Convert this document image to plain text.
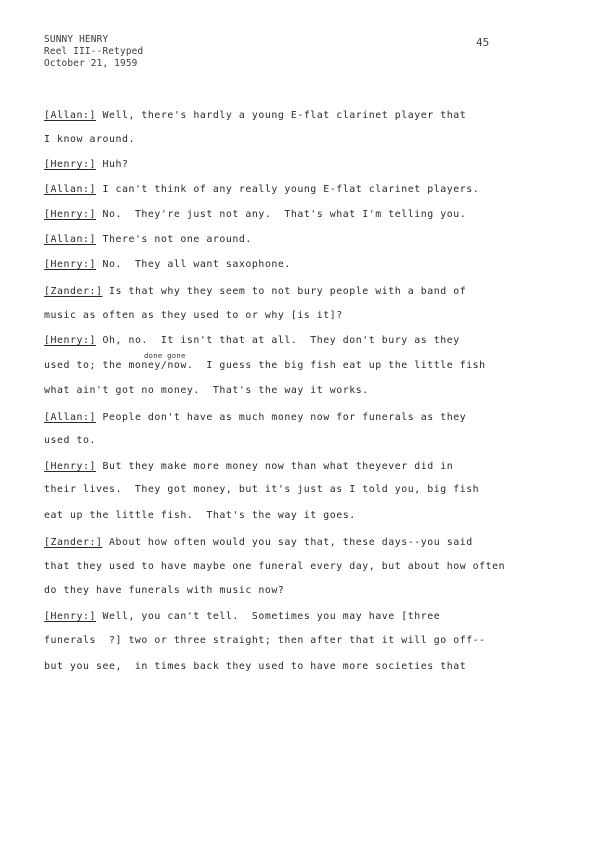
SUNNY HENRY
Reel III--Retyped
October 21, 1959
45
[Allan:] Well, there's hardly a young E-flat clarinet player that
I know around.
[Henry:] Huh?
[Allan:] I can't think of any really young E-flat clarinet players.
[Henry:] No.  They're just not any.  That's what I'm telling you.
[Allan:] There's not one around.
[Henry:] No.  They all want saxophone.
[Zander:] Is that why they seem to not bury people with a band of
music as often as they used to or why [is it]?
[Henry:] Oh, no.  It isn't that at all.  They don't bury as they
used to; the money/now.  I guess the big fish eat up the little fish
what ain't got no money.  That's the way it works.
[Allan:] People don't have as much money now for funerals as they
used to.
[Henry:] But they make more money now than what theyever did in
their lives.  They got money, but it's just as I told you, big fish
eat up the little fish.  That's the way it goes.
[Zander:] About how often would you say that, these days--you said
that they used to have maybe one funeral every day, but about how often
do they have funerals with music now?
[Henry:] Well, you can't tell.  Sometimes you may have [three
funerals  ?] two or three straight; then after that it will go off--
but you see,  in times back they used to have more societies that
done gone
